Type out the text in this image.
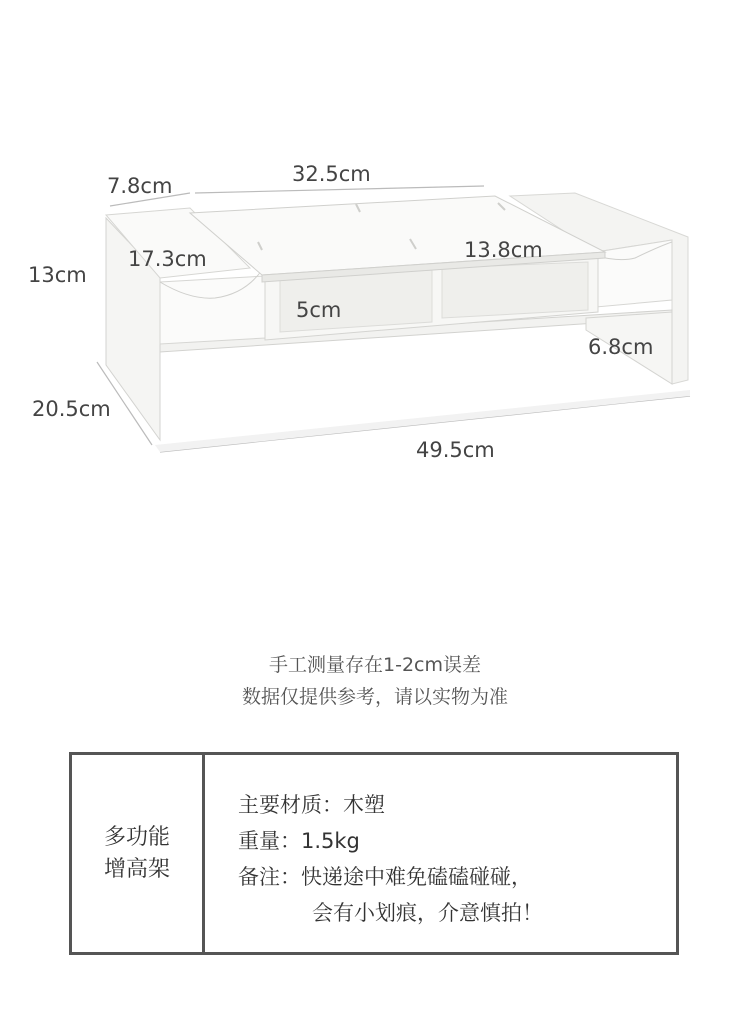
7.8cm	32.5cm
13cm
17.3cm	13.8cm
5cm
6.8cm
20.5cm
49.5cm
手工测量存在1-2cm误差
数据仅提供参考，请以实物为准
多功能
增高架
主要材质：木塑
重量：1.5kg
备注：快递途中难免磕磕碰碰，
会有小划痕，介意慎拍！
